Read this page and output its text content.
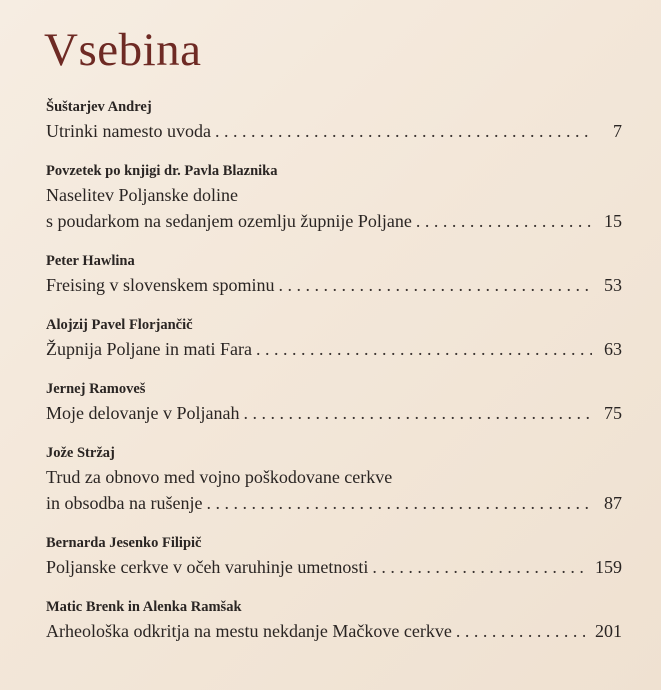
Vsebina
Šuštarjev Andrej
Utrinki namesto uvoda . . .	7
Povzetek po knjigi dr. Pavla Blaznika
Naselitev Poljanske doline
s poudarkom na sedanjem ozemlju župnije Poljane . . .	15
Peter Hawlina
Freising v slovenskem spominu . . .	53
Alojzij Pavel Florjančič
Župnija Poljane in mati Fara . . .	63
Jernej Ramoveš
Moje delovanje v Poljanah . . .	75
Jože Stržaj
Trud za obnovo med vojno poškodovane cerkve
in obsodba na rušenje . . .	87
Bernarda Jesenko Filipič
Poljanske cerkve v očeh varuhinje umetnosti . . .	159
Matic Brenk in Alenka Ramšak
Arheološka odkritja na mestu nekdanje Mačkove cerkve . . .	201
